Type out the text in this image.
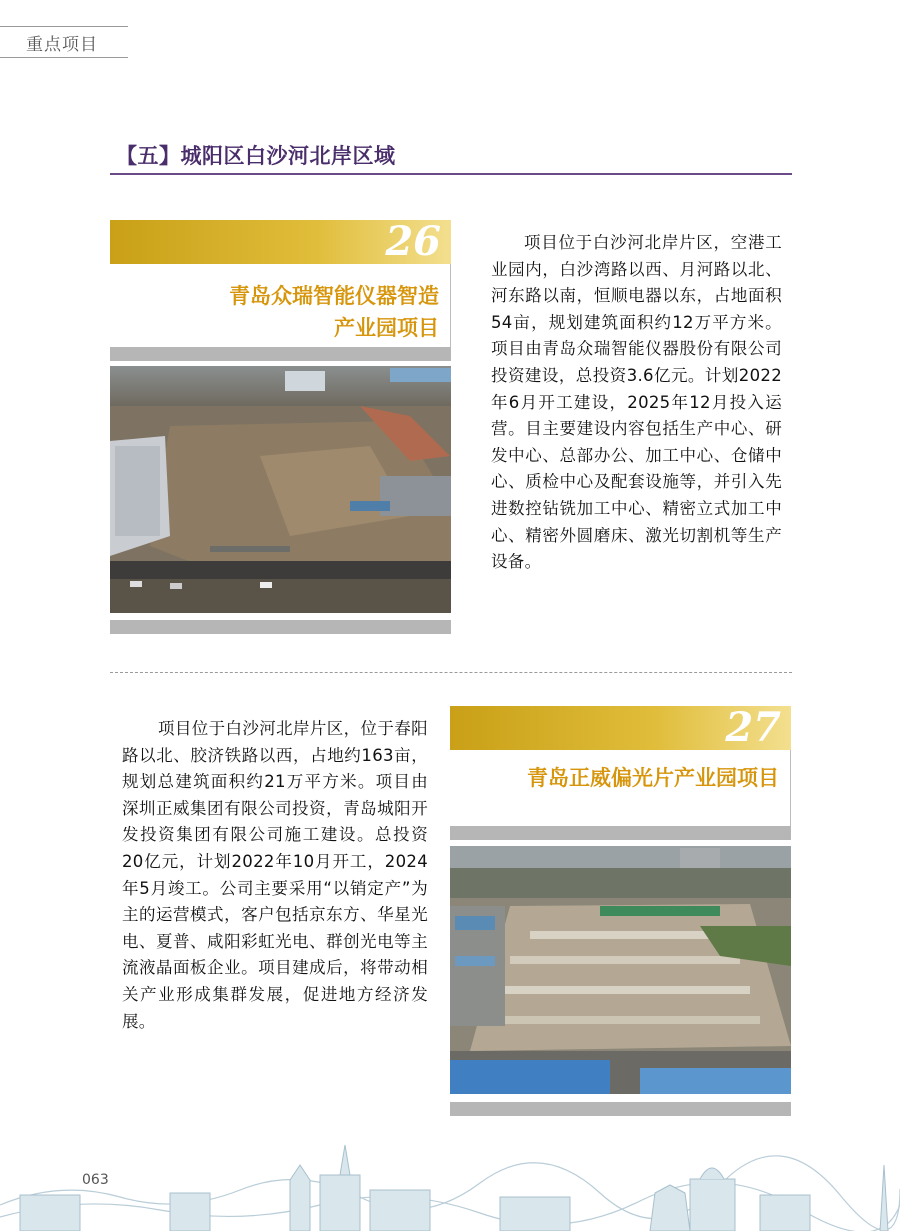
重点项目
【五】城阳区白沙河北岸区域
26
青岛众瑞智能仪器智造
产业园项目
项目位于白沙河北岸片区，空港工业园内，白沙湾路以西、月河路以北、河东路以南，恒顺电器以东，占地面积54亩，规划建筑面积约12万平方米。项目由青岛众瑞智能仪器股份有限公司投资建设，总投资3.6亿元。计划2022年6月开工建设，2025年12月投入运营。目主要建设内容包括生产中心、研发中心、总部办公、加工中心、仓储中心、质检中心及配套设施等，并引入先进数控钻铣加工中心、精密立式加工中心、精密外圆磨床、激光切割机等生产设备。
项目位于白沙河北岸片区，位于春阳路以北、胶济铁路以西，占地约163亩，规划总建筑面积约21万平方米。项目由深圳正威集团有限公司投资，青岛城阳开发投资集团有限公司施工建设。总投资20亿元，计划2022年10月开工，2024年5月竣工。公司主要采用“以销定产”为主的运营模式，客户包括京东方、华星光电、夏普、咸阳彩虹光电、群创光电等主流液晶面板企业。项目建成后，将带动相关产业形成集群发展，促进地方经济发展。
27
青岛正威偏光片产业园项目
063
